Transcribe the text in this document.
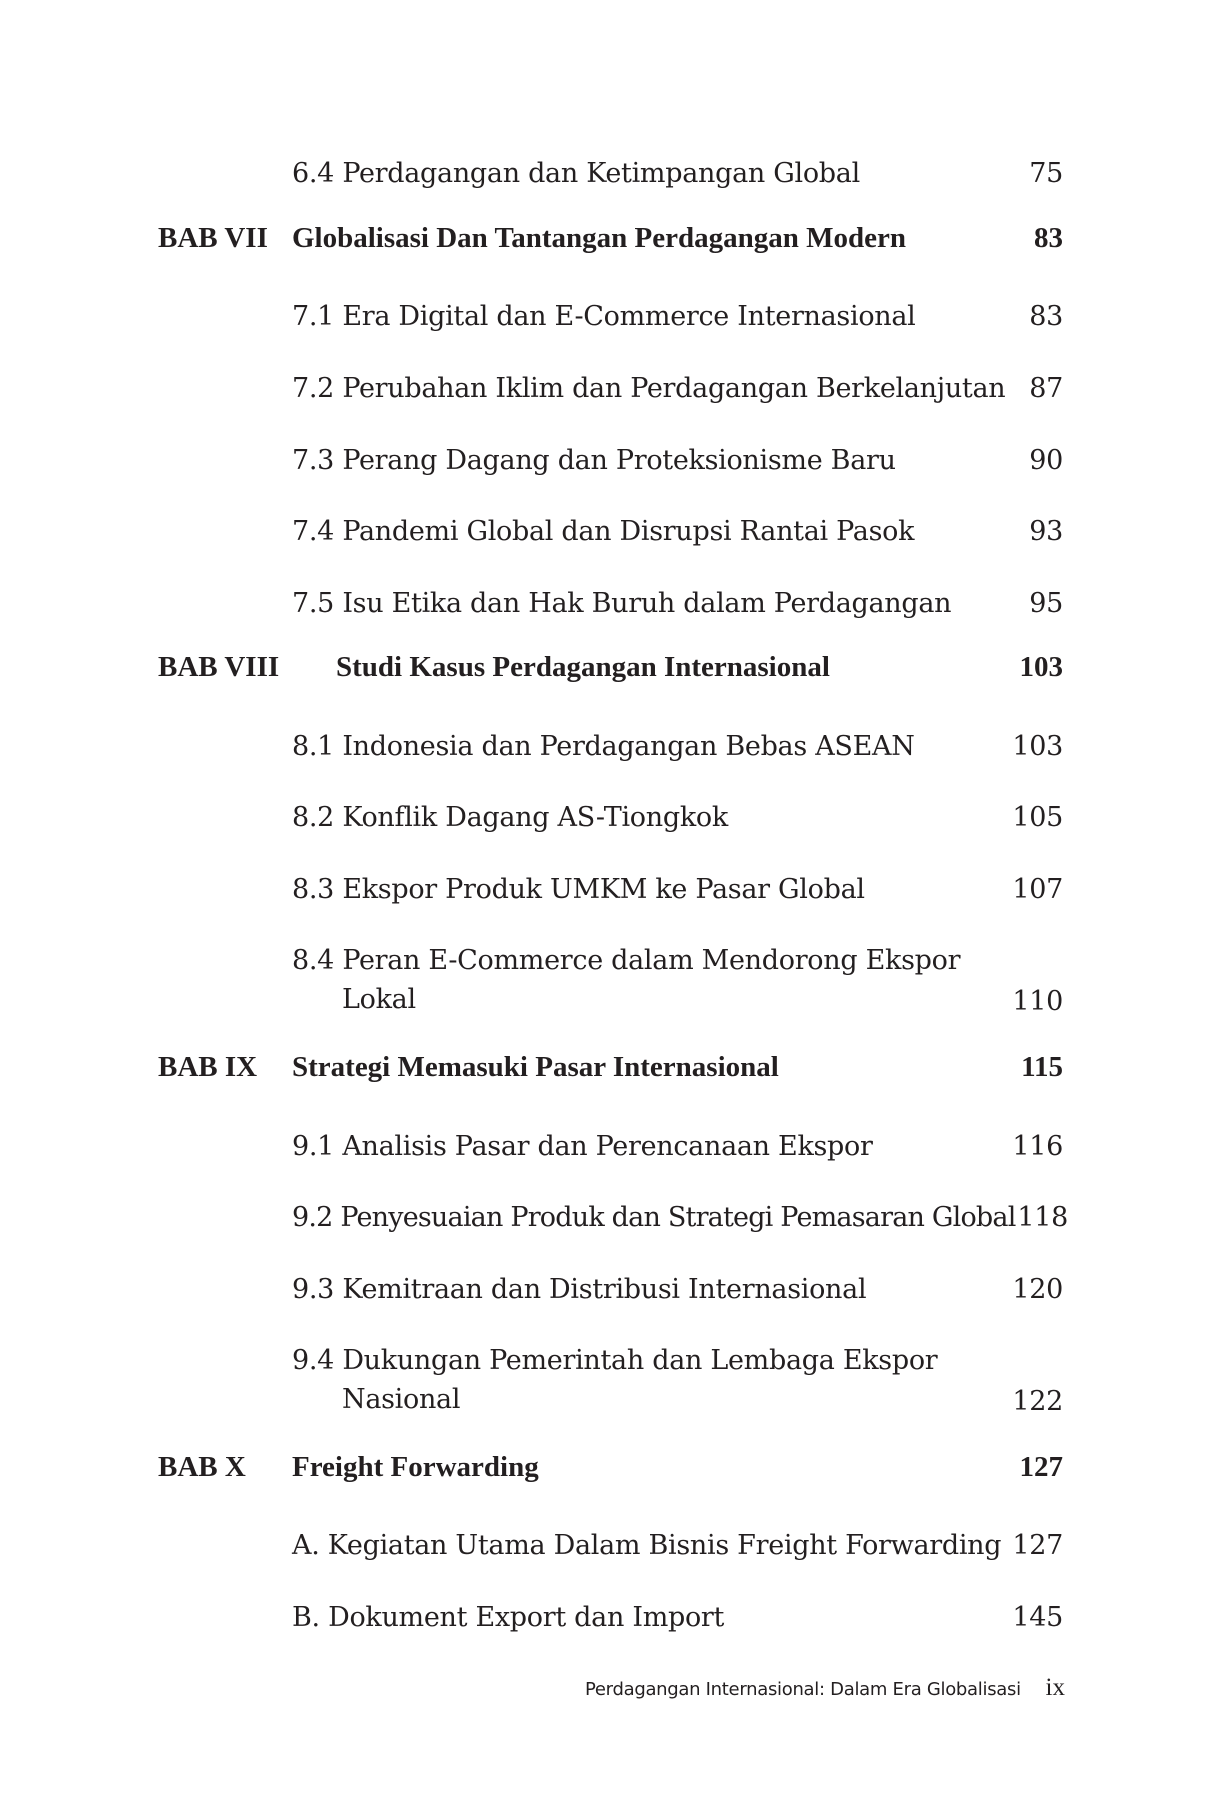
6.4 Perdagangan dan Ketimpangan Global	75
BAB VII Globalisasi Dan Tantangan Perdagangan Modern	83
7.1 Era Digital dan E-Commerce Internasional	83
7.2 Perubahan Iklim dan Perdagangan Berkelanjutan 87
7.3 Perang Dagang dan Proteksionisme Baru	90
7.4 Pandemi Global dan Disrupsi Rantai Pasok	93
7.5 Isu Etika dan Hak Buruh dalam Perdagangan	95
BAB VIII Studi Kasus Perdagangan Internasional	103
8.1 Indonesia dan Perdagangan Bebas ASEAN	103
8.2 Konflik Dagang AS-Tiongkok	105
8.3 Ekspor Produk UMKM ke Pasar Global	107
8.4 Peran E-Commerce dalam Mendorong Ekspor
Lokal	110
BAB IX Strategi Memasuki Pasar Internasional	115
9.1 Analisis Pasar dan Perencanaan Ekspor	116
9.2 Penyesuaian Produk dan Strategi Pemasaran Global 118
9.3 Kemitraan dan Distribusi Internasional	120
9.4 Dukungan Pemerintah dan Lembaga Ekspor
Nasional	122
BAB X Freight Forwarding	127
A. Kegiatan Utama Dalam Bisnis Freight Forwarding 127
B. Dokument Export dan Import	145
Perdagangan Internasional: Dalam Era Globalisasi ix
